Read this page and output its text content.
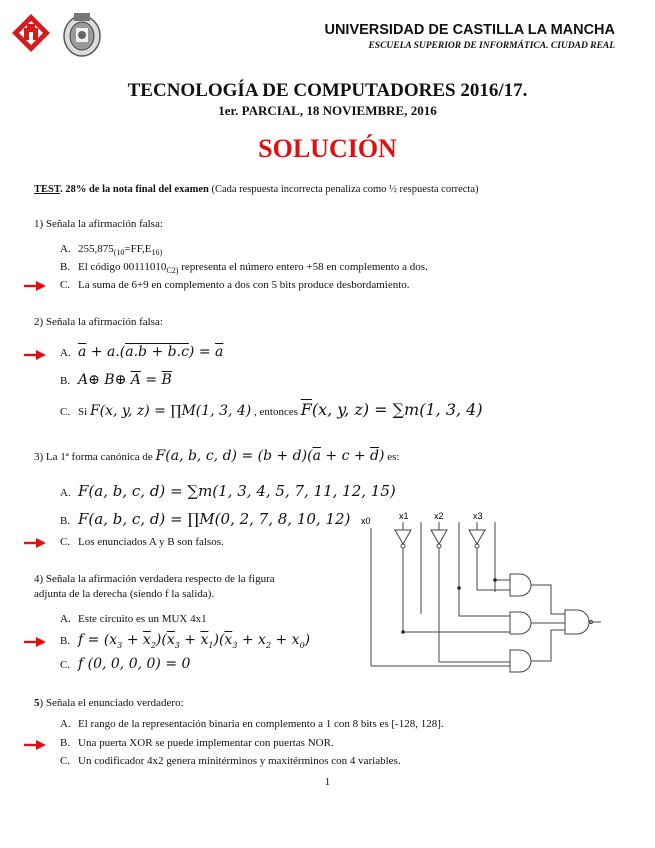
UNIVERSIDAD DE CASTILLA LA MANCHA
ESCUELA SUPERIOR DE INFORMÁTICA. CIUDAD REAL
TECNOLOGÍA DE COMPUTADORES 2016/17.
1er. PARCIAL, 18 NOVIEMBRE, 2016
SOLUCIÓN
TEST. 28% de la nota final del examen (Cada respuesta incorrecta penaliza como ½ respuesta correcta)
1) Señala la afirmación falsa:
A. $255,875_{(10}=FF,E_{16)}$
B. El código $00111010_{C2)}$ representa el número entero +58 en complemento a dos.
C. La suma de 6+9 en complemento a dos con 5 bits produce desbordamiento.
2) Señala la afirmación falsa:
A. $\overline{a} + a.(a.b + b.c) = \overline{a}$
B. A⊕ B⊕ $\overline{A} = \overline{B}$
C. Si F(x, y, z) = ∏M(1, 3, 4) , entonces $\overline{F}(x$, y, z) = ∑m(1, 3, 4)
3) La 1ª forma canónica de F(a, b, c, $d) = (b + d)(\overline{a} + c + \overline{d})$ es:
A. F(a, b, c, d) = ∑m(1, 3, 4, 5, 7, 11, 12, 15)
B. F(a, b, c, d) = ∏M(0, 2, 7, 8, 10, 12)
C. Los enunciados A y B son falsos.
4) Señala la afirmación verdadera respecto de la figura
adjunta de la derecha (siendo f la salida).
A. Este circuito es un MUX 4x1
B. $f = (x_3 + \overline{x}_2)(\overline{x}_3 + \overline{x}_1)(\overline{x}_3 + x_2 + x_0)$
C. f (0, 0, 0, 0) = 0
x0	x1	x2	x3
5) Señala el enunciado verdadero:
A. El rango de la representación binaria en complemento a 1 con 8 bits es [-128, 128].
B. Una puerta XOR se puede implementar con puertas NOR.
C. Un codificador 4x2 genera minitérminos y maxitérminos con 4 variables.
1
